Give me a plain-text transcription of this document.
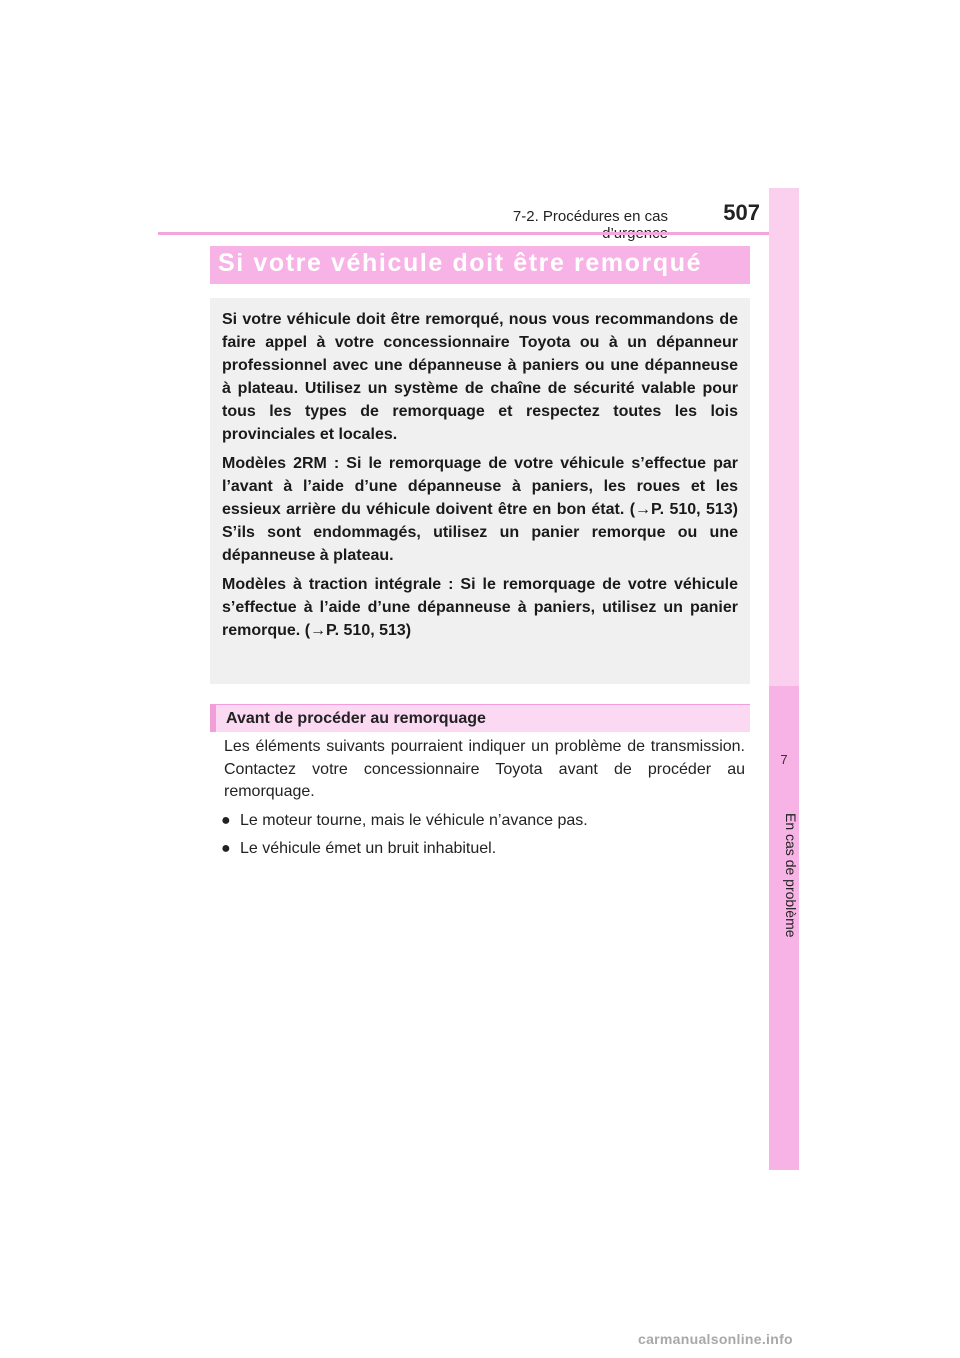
7-2. Procédures en cas	507
7
En cas de problème
Si votre véhicule doit être remorqué

Si votre véhicule doit être remorqué, nous vous recommandons de faire appel à votre concessionnaire Toyota ou à un dépanneur professionnel avec une dépanneuse à paniers ou une dépanneuse à plateau. Utilisez un système de chaîne de sécurité valable pour tous les types de remorquage et respectez toutes les lois provinciales et locales.

Modèles 2RM : Si le remorquage de votre véhicule s’effectue par l’avant à l’aide d’une dépanneuse à paniers, les roues et les essieux arrière du véhicule doivent être en bon état. (→P. 510, 513) S’ils sont endommagés, utilisez un panier remorque ou une dépanneuse à plateau.

Modèles à traction intégrale : Si le remorquage de votre véhicule s’effectue à l’aide d’une dépanneuse à paniers, utilisez un panier remorque. (→P. 510, 513)

Avant de procéder au remorquage

Les éléments suivants pourraient indiquer un problème de transmission. Contactez votre concessionnaire Toyota avant de procéder au remorquage.

● Le moteur tourne, mais le véhicule n’avance pas.
● Le véhicule émet un bruit inhabituel.
carmanualsonline.info
